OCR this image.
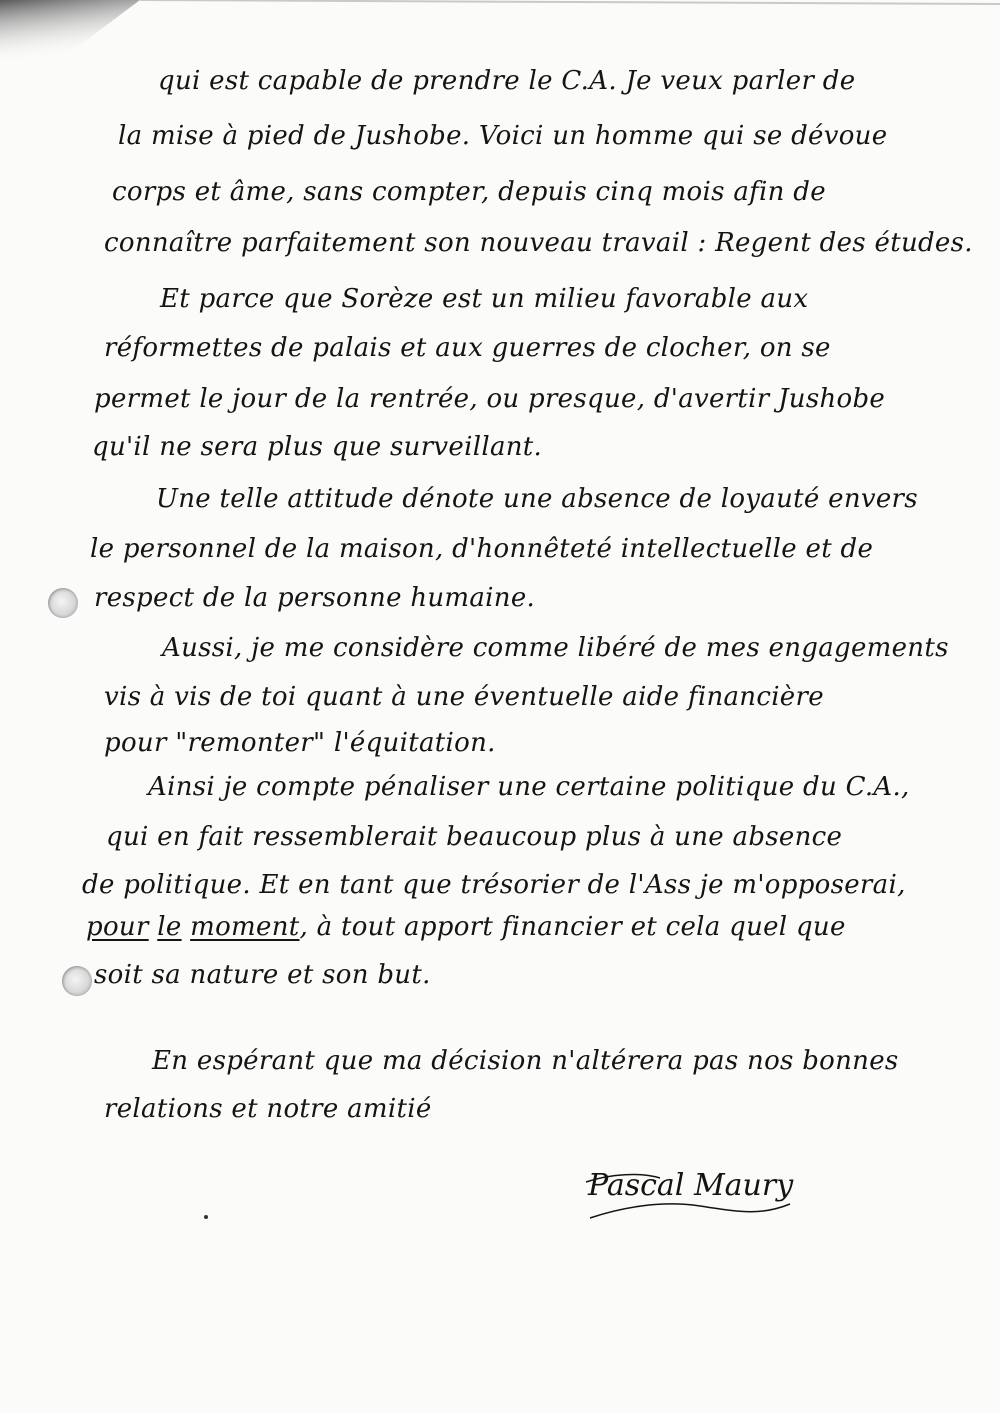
qui est capable de prendre le C.A. Je veux parler de
la mise à pied de Jushobe. Voici un homme qui se dévoue
corps et âme, sans compter, depuis cinq mois afin de
connaître parfaitement son nouveau travail : Regent des études.
Et parce que Sorèze est un milieu favorable aux
réformettes de palais et aux guerres de clocher, on se
permet le jour de la rentrée, ou presque, d'avertir Jushobe
qu'il ne sera plus que surveillant.
Une telle attitude dénote une absence de loyauté envers
le personnel de la maison, d'honnêteté intellectuelle et de
respect de la personne humaine.
Aussi, je me considère comme libéré de mes engagements
vis à vis de toi quant à une éventuelle aide financière
pour "remonter" l'équitation.
Ainsi je compte pénaliser une certaine politique du C.A.,
qui en fait ressemblerait beaucoup plus à une absence
de politique. Et en tant que trésorier de l'Ass je m'opposerai,
pour le moment, à tout apport financier et cela quel que
soit sa nature et son but.
En espérant que ma décision n'altérera pas nos bonnes
relations et notre amitié
Pascal Maury
